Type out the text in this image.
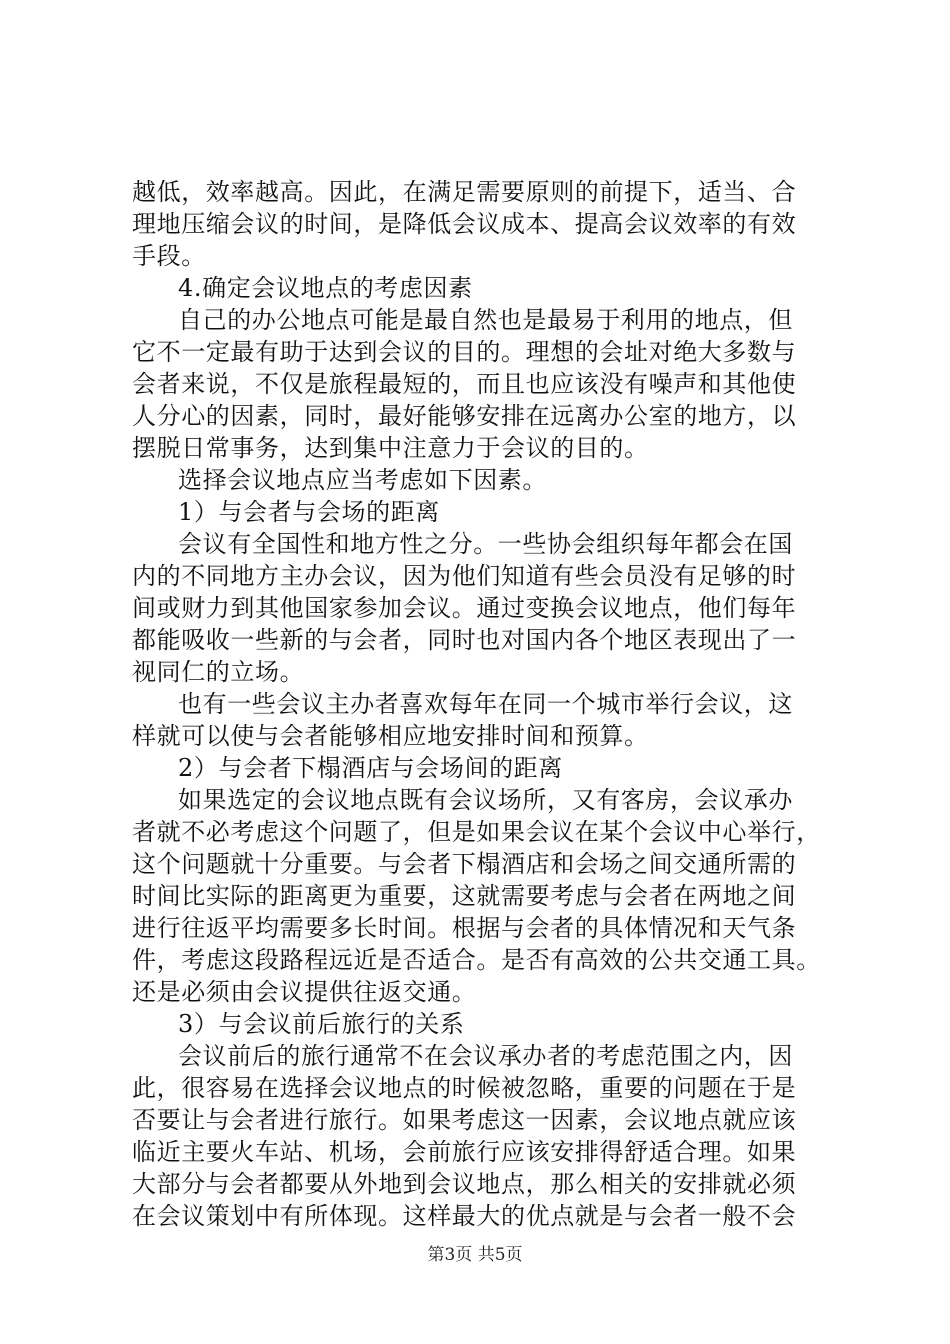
越低，效率越高。因此，在满足需要原则的前提下，适当、合
理地压缩会议的时间，是降低会议成本、提高会议效率的有效
手段。
4.确定会议地点的考虑因素
自己的办公地点可能是最自然也是最易于利用的地点，但
它不一定最有助于达到会议的目的。理想的会址对绝大多数与
会者来说，不仅是旅程最短的，而且也应该没有噪声和其他使
人分心的因素，同时，最好能够安排在远离办公室的地方，以
摆脱日常事务，达到集中注意力于会议的目的。
选择会议地点应当考虑如下因素。
1）与会者与会场的距离
会议有全国性和地方性之分。一些协会组织每年都会在国
内的不同地方主办会议，因为他们知道有些会员没有足够的时
间或财力到其他国家参加会议。通过变换会议地点，他们每年
都能吸收一些新的与会者，同时也对国内各个地区表现出了一
视同仁的立场。
也有一些会议主办者喜欢每年在同一个城市举行会议，这
样就可以使与会者能够相应地安排时间和预算。
2）与会者下榻酒店与会场间的距离
如果选定的会议地点既有会议场所，又有客房，会议承办
者就不必考虑这个问题了，但是如果会议在某个会议中心举行，
这个问题就十分重要。与会者下榻酒店和会场之间交通所需的
时间比实际的距离更为重要，这就需要考虑与会者在两地之间
进行往返平均需要多长时间。根据与会者的具体情况和天气条
件，考虑这段路程远近是否适合。是否有高效的公共交通工具。
还是必须由会议提供往返交通。
3）与会议前后旅行的关系
会议前后的旅行通常不在会议承办者的考虑范围之内，因
此，很容易在选择会议地点的时候被忽略，重要的问题在于是
否要让与会者进行旅行。如果考虑这一因素，会议地点就应该
临近主要火车站、机场，会前旅行应该安排得舒适合理。如果
大部分与会者都要从外地到会议地点，那么相关的安排就必须
在会议策划中有所体现。这样最大的优点就是与会者一般不会
第3页 共5页
